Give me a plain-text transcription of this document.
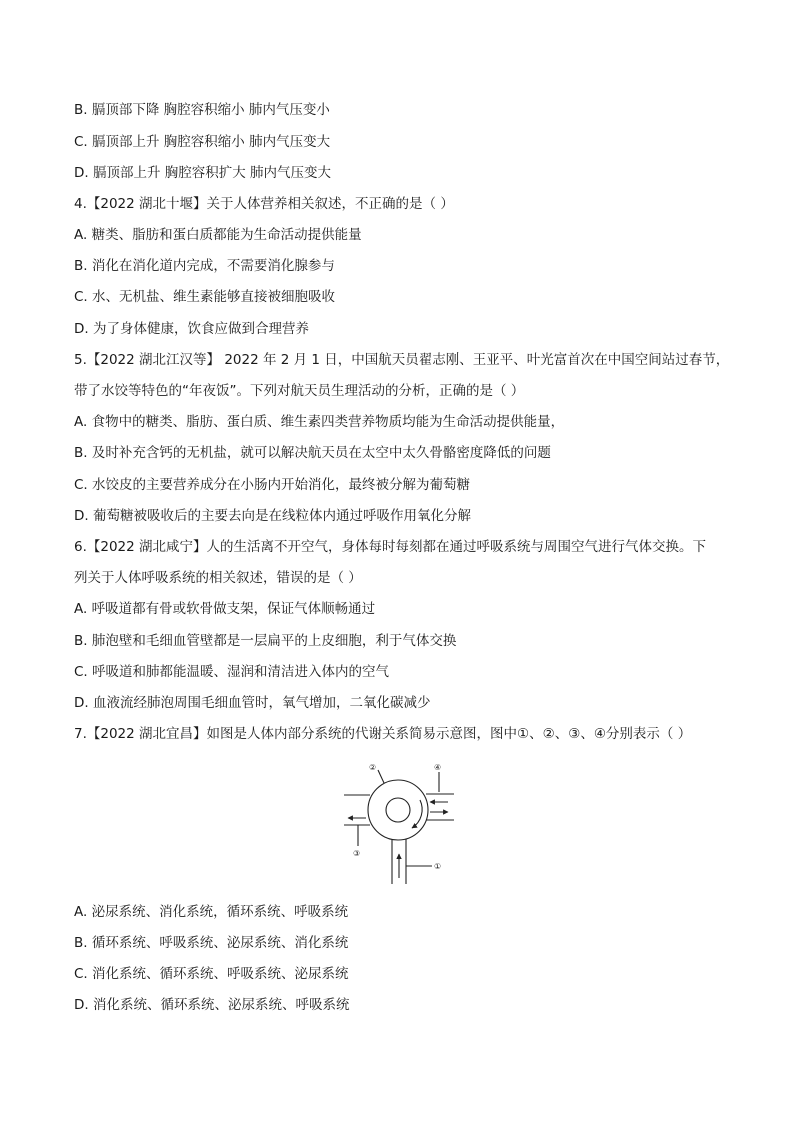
B. 膈顶部下降 胸腔容积缩小 肺内气压变小
C. 膈顶部上升 胸腔容积缩小 肺内气压变大
D. 膈顶部上升 胸腔容积扩大 肺内气压变大
4.【2022 湖北十堰】关于人体营养相关叙述，不正确的是（ ）
A. 糖类、脂肪和蛋白质都能为生命活动提供能量
B. 消化在消化道内完成，不需要消化腺参与
C. 水、无机盐、维生素能够直接被细胞吸收
D. 为了身体健康，饮食应做到合理营养
5.【2022 湖北江汉等】 2022 年 2 月 1 日，中国航天员翟志刚、王亚平、叶光富首次在中国空间站过春节，
带了水饺等特色的“年夜饭”。下列对航天员生理活动的分析，正确的是（ ）
A. 食物中的糖类、脂肪、蛋白质、维生素四类营养物质均能为生命活动提供能量，
B. 及时补充含钙的无机盐，就可以解决航天员在太空中太久骨骼密度降低的问题
C. 水饺皮的主要营养成分在小肠内开始消化，最终被分解为葡萄糖
D. 葡萄糖被吸收后的主要去向是在线粒体内通过呼吸作用氧化分解
6.【2022 湖北咸宁】人的生活离不开空气，身体每时每刻都在通过呼吸系统与周围空气进行气体交换。下
列关于人体呼吸系统的相关叙述，错误的是（ ）
A. 呼吸道都有骨或软骨做支架，保证气体顺畅通过
B. 肺泡壁和毛细血管壁都是一层扁平的上皮细胞，利于气体交换
C. 呼吸道和肺都能温暖、湿润和清洁进入体内的空气
D. 血液流经肺泡周围毛细血管时，氧气增加，二氧化碳减少
7.【2022 湖北宜昌】如图是人体内部分系统的代谢关系简易示意图，图中①、②、③、④分别表示（ ）
②	④
③
①
A. 泌尿系统、消化系统，循环系统、呼吸系统
B. 循环系统、呼吸系统、泌尿系统、消化系统
C. 消化系统、循环系统、呼吸系统、泌尿系统
D. 消化系统、循环系统、泌尿系统、呼吸系统
